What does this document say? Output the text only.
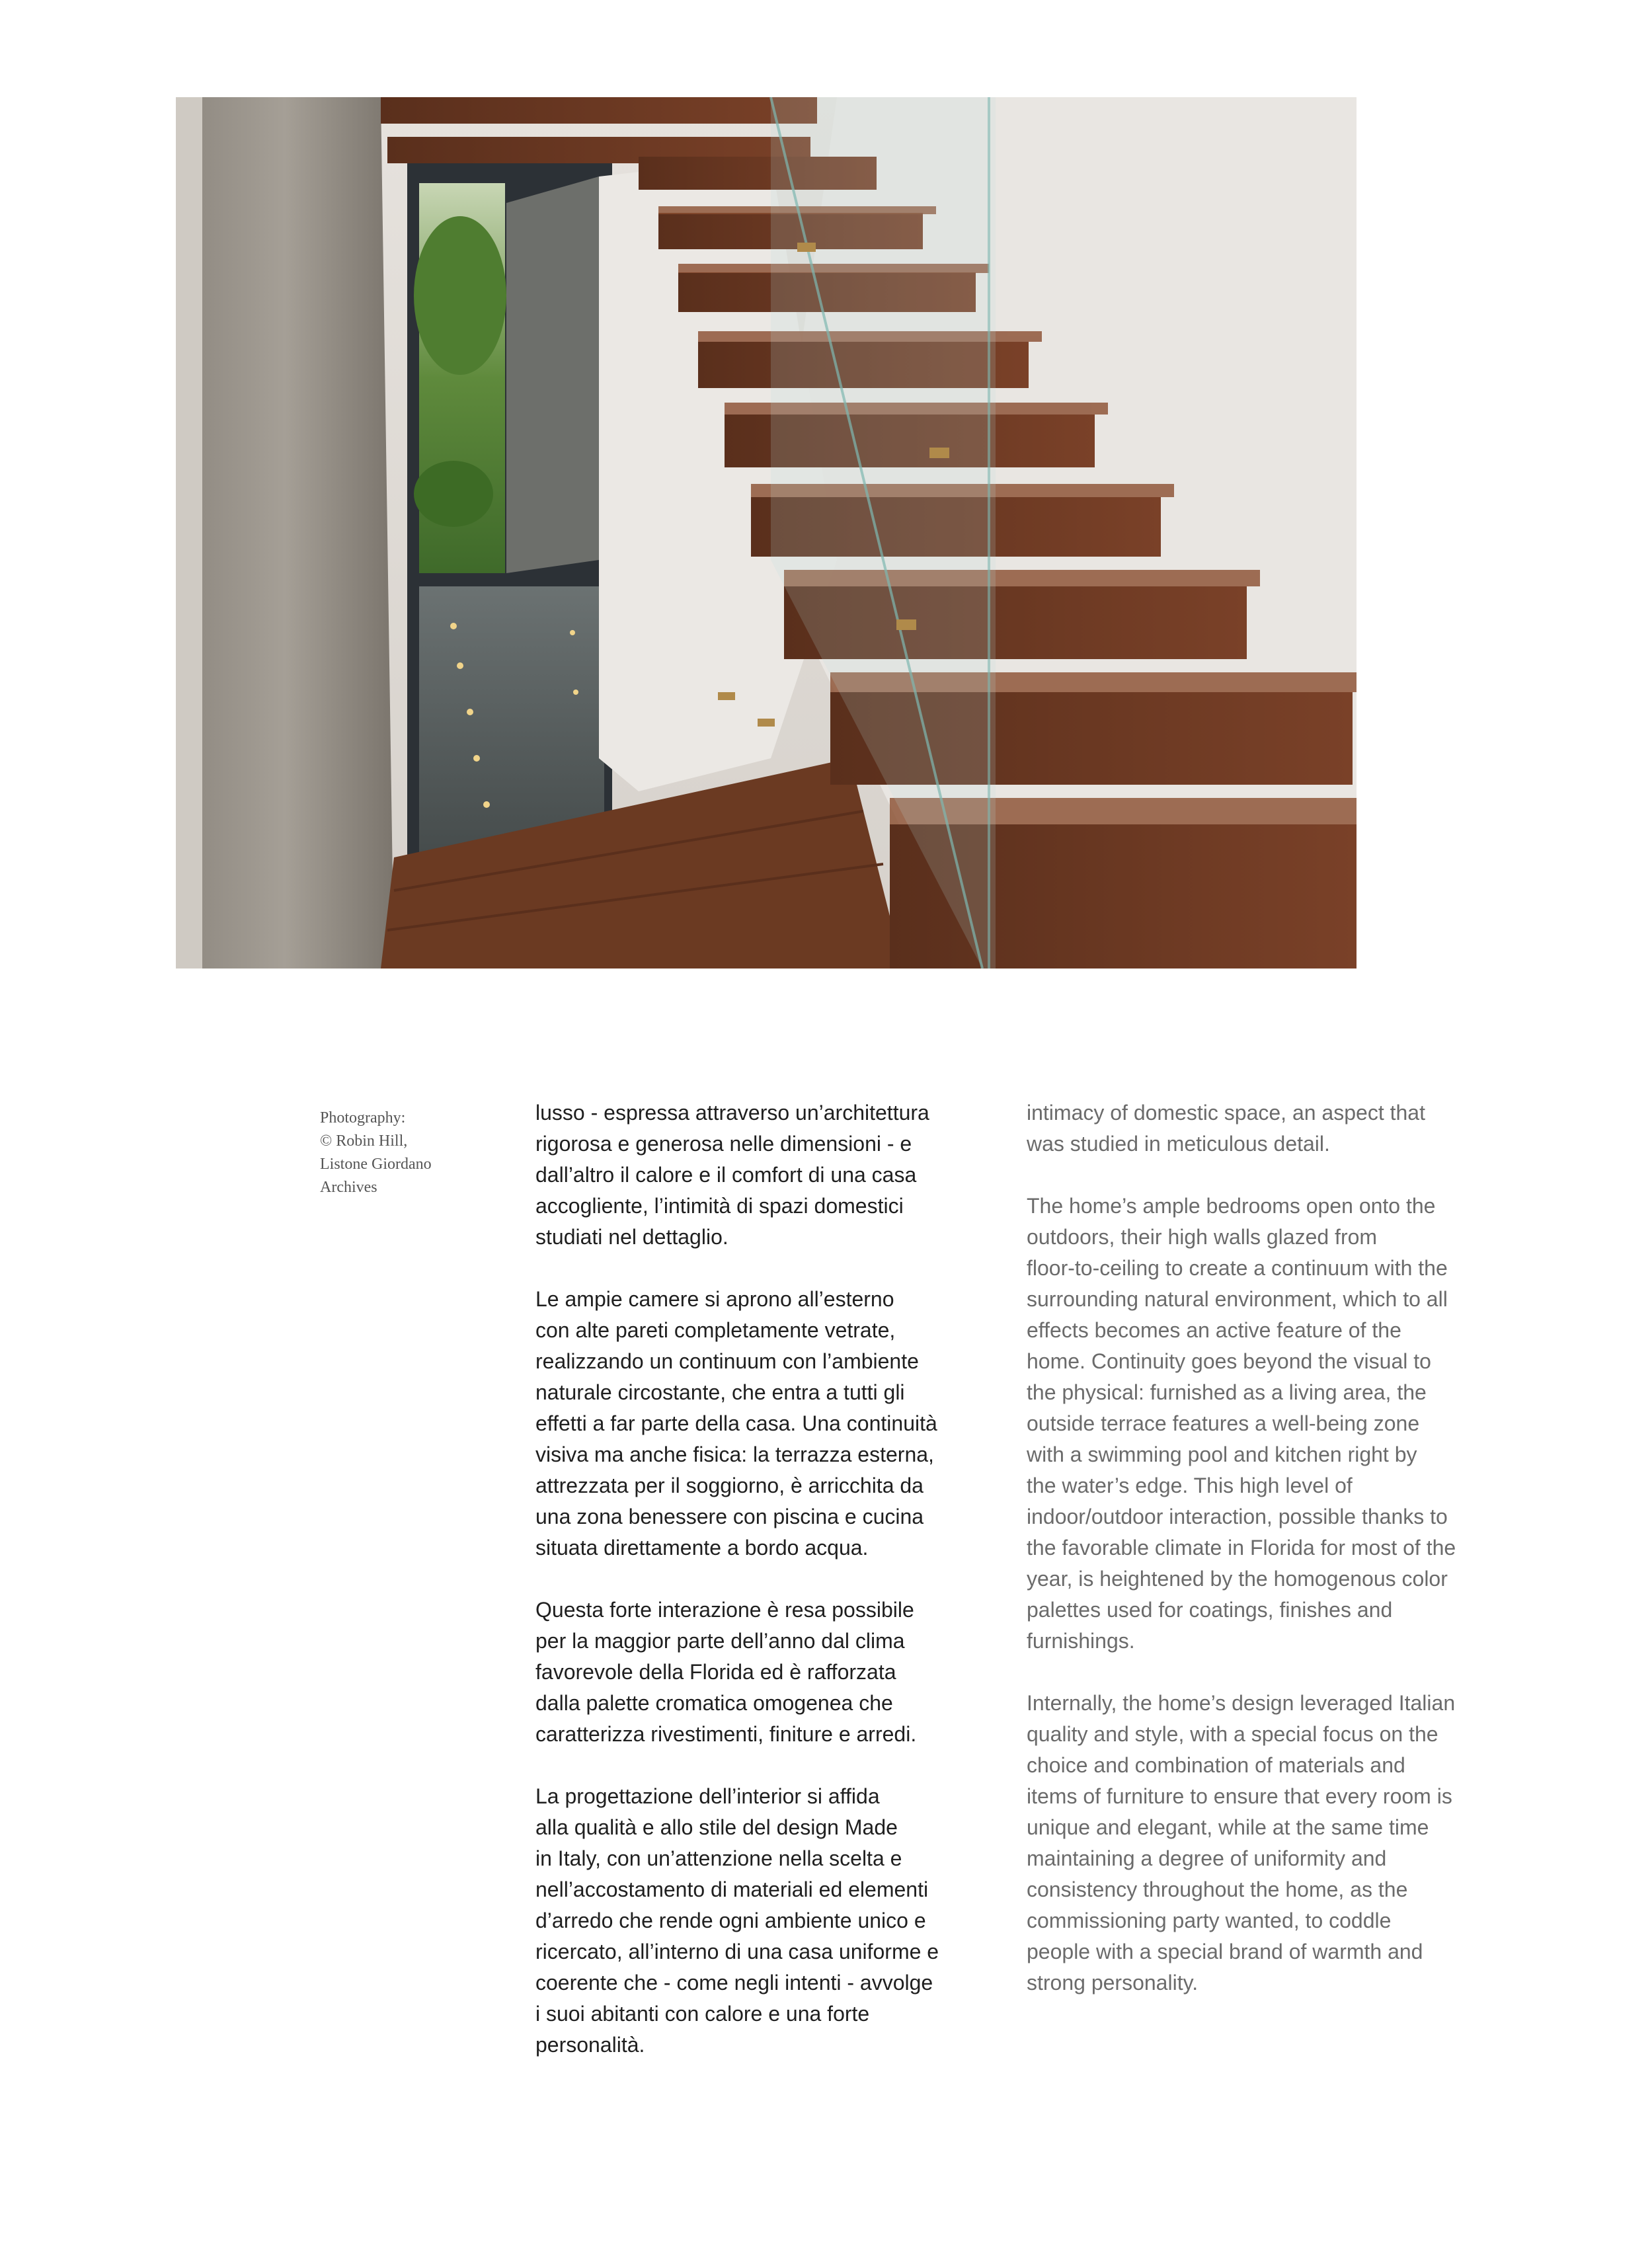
Photography:
© Robin Hill,
Listone Giordano
Archives

lusso - espressa attraverso un’architettura
rigorosa e generosa nelle dimensioni - e
dall’altro il calore e il comfort di una casa
accogliente, l’intimità di spazi domestici
studiati nel dettaglio.

Le ampie camere si aprono all’esterno
con alte pareti completamente vetrate,
realizzando un continuum con l’ambiente
naturale circostante, che entra a tutti gli
effetti a far parte della casa. Una continuità
visiva ma anche fisica: la terrazza esterna,
attrezzata per il soggiorno, è arricchita da
una zona benessere con piscina e cucina
situata direttamente a bordo acqua.

Questa forte interazione è resa possibile
per la maggior parte dell’anno dal clima
favorevole della Florida ed è rafforzata
dalla palette cromatica omogenea che
caratterizza rivestimenti, finiture e arredi.

La progettazione dell’interior si affida
alla qualità e allo stile del design Made
in Italy, con un’attenzione nella scelta e
nell’accostamento di materiali ed elementi
d’arredo che rende ogni ambiente unico e
ricercato, all’interno di una casa uniforme e
coerente che - come negli intenti - avvolge
i suoi abitanti con calore e una forte
personalità.

intimacy of domestic space, an aspect that
was studied in meticulous detail.

The home’s ample bedrooms open onto the
outdoors, their high walls glazed from
floor-to-ceiling to create a continuum with the
surrounding natural environment, which to all
effects becomes an active feature of the
home. Continuity goes beyond the visual to
the physical: furnished as a living area, the
outside terrace features a well-being zone
with a swimming pool and kitchen right by
the water’s edge. This high level of
indoor/outdoor interaction, possible thanks to
the favorable climate in Florida for most of the
year, is heightened by the homogenous color
palettes used for coatings, finishes and
furnishings.

Internally, the home’s design leveraged Italian
quality and style, with a special focus on the
choice and combination of materials and
items of furniture to ensure that every room is
unique and elegant, while at the same time
maintaining a degree of uniformity and
consistency throughout the home, as the
commissioning party wanted, to coddle
people with a special brand of warmth and
strong personality.
